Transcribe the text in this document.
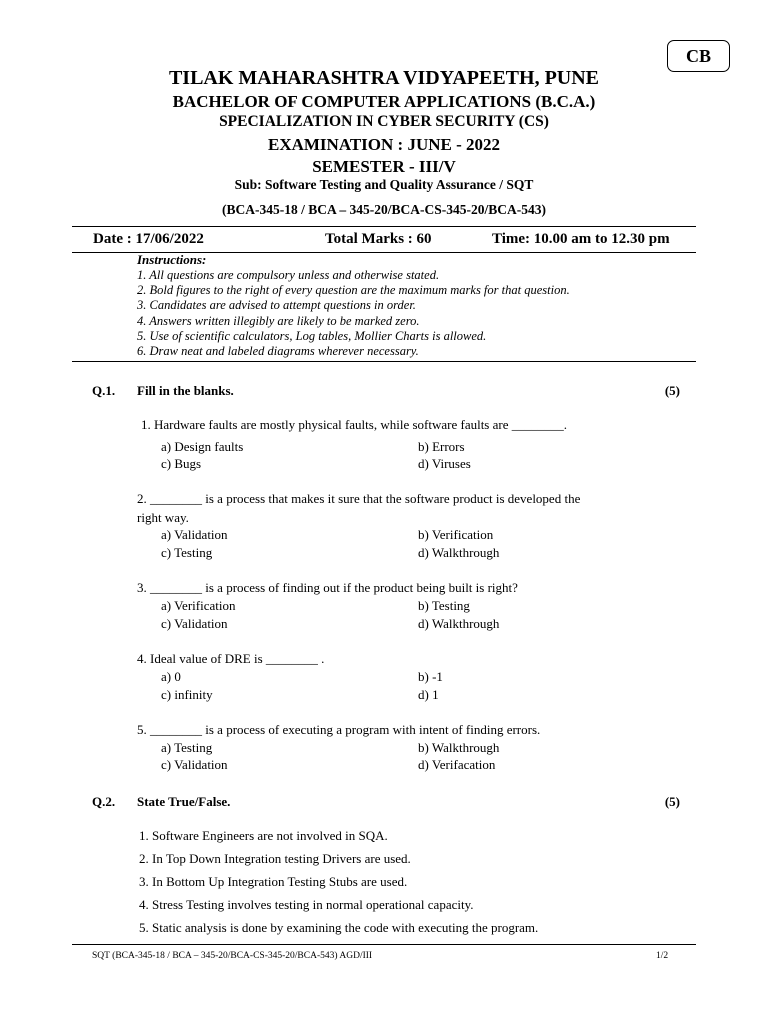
CB
TILAK MAHARASHTRA VIDYAPEETH, PUNE
BACHELOR OF COMPUTER APPLICATIONS (B.C.A.)
SPECIALIZATION IN CYBER SECURITY (CS)
EXAMINATION : JUNE - 2022
SEMESTER - III/V
Sub: Software Testing and Quality Assurance / SQT
(BCA-345-18 / BCA – 345-20/BCA-CS-345-20/BCA-543)
Date : 17/06/2022	Total Marks : 60	Time: 10.00 am to 12.30 pm
Instructions:
1. All questions are compulsory unless and otherwise stated.
2. Bold figures to the right of every question are the maximum marks for that question.
3. Candidates are advised to attempt questions in order.
4. Answers written illegibly are likely to be marked zero.
5. Use of scientific calculators, Log tables, Mollier Charts is allowed.
6. Draw neat and labeled diagrams wherever necessary.
Q.1. Fill in the blanks.	(5)
1. Hardware faults are mostly physical faults, while software faults are ________.
a) Design faults	b) Errors
c) Bugs	d) Viruses
2. ________ is a process that makes it sure that the software product is developed the
right way.
a) Validation	b) Verification
c) Testing	d) Walkthrough
3. ________ is a process of finding out if the product being built is right?
a) Verification	b) Testing
c) Validation	d) Walkthrough
4. Ideal value of DRE is ________ .
a) 0	b) -1
c) infinity	d) 1
5. ________ is a process of executing a program with intent of finding errors.
a) Testing	b) Walkthrough
c) Validation	d) Verifacation
Q.2. State True/False.	(5)
1. Software Engineers are not involved in SQA.
2. In Top Down Integration testing Drivers are used.
3. In Bottom Up Integration Testing Stubs are used.
4. Stress Testing involves testing in normal operational capacity.
5. Static analysis is done by examining the code with executing the program.
SQT (BCA-345-18 / BCA – 345-20/BCA-CS-345-20/BCA-543) AGD/III	1/2
